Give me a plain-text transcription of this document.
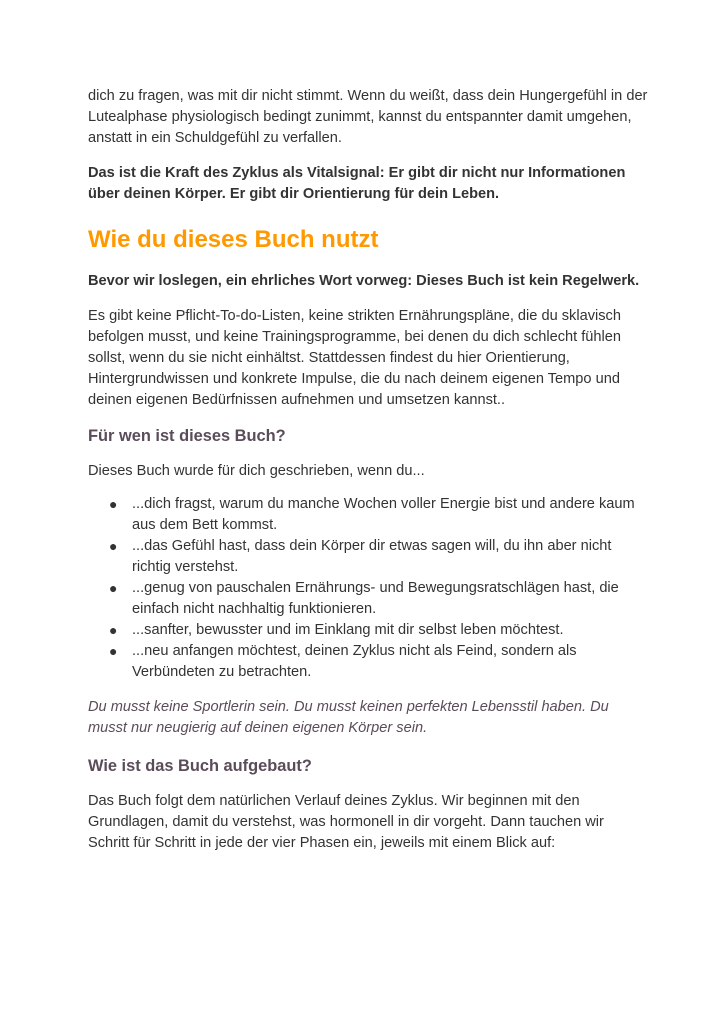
dich zu fragen, was mit dir nicht stimmt. Wenn du weißt, dass dein Hungergefühl in der Lutealphase physiologisch bedingt zunimmt, kannst du entspannter damit umgehen, anstatt in ein Schuldgefühl zu verfallen.

Das ist die Kraft des Zyklus als Vitalsignal: Er gibt dir nicht nur Informationen über deinen Körper. Er gibt dir Orientierung für dein Leben.

Wie du dieses Buch nutzt

Bevor wir loslegen, ein ehrliches Wort vorweg: Dieses Buch ist kein Regelwerk.

Es gibt keine Pflicht-To-do-Listen, keine strikten Ernährungspläne, die du sklavisch befolgen musst, und keine Trainingsprogramme, bei denen du dich schlecht fühlen sollst, wenn du sie nicht einhältst. Stattdessen findest du hier Orientierung, Hintergrundwissen und konkrete Impulse, die du nach deinem eigenen Tempo und deinen eigenen Bedürfnissen aufnehmen und umsetzen kannst..

Für wen ist dieses Buch?

Dieses Buch wurde für dich geschrieben, wenn du...

● ...dich fragst, warum du manche Wochen voller Energie bist und andere kaum aus dem Bett kommst.
● ...das Gefühl hast, dass dein Körper dir etwas sagen will, du ihn aber nicht richtig verstehst.
● ...genug von pauschalen Ernährungs- und Bewegungsratschlägen hast, die einfach nicht nachhaltig funktionieren.
● ...sanfter, bewusster und im Einklang mit dir selbst leben möchtest.
● ...neu anfangen möchtest, deinen Zyklus nicht als Feind, sondern als Verbündeten zu betrachten.

Du musst keine Sportlerin sein. Du musst keinen perfekten Lebensstil haben. Du musst nur neugierig auf deinen eigenen Körper sein.

Wie ist das Buch aufgebaut?

Das Buch folgt dem natürlichen Verlauf deines Zyklus. Wir beginnen mit den Grundlagen, damit du verstehst, was hormonell in dir vorgeht. Dann tauchen wir Schritt für Schritt in jede der vier Phasen ein, jeweils mit einem Blick auf:
